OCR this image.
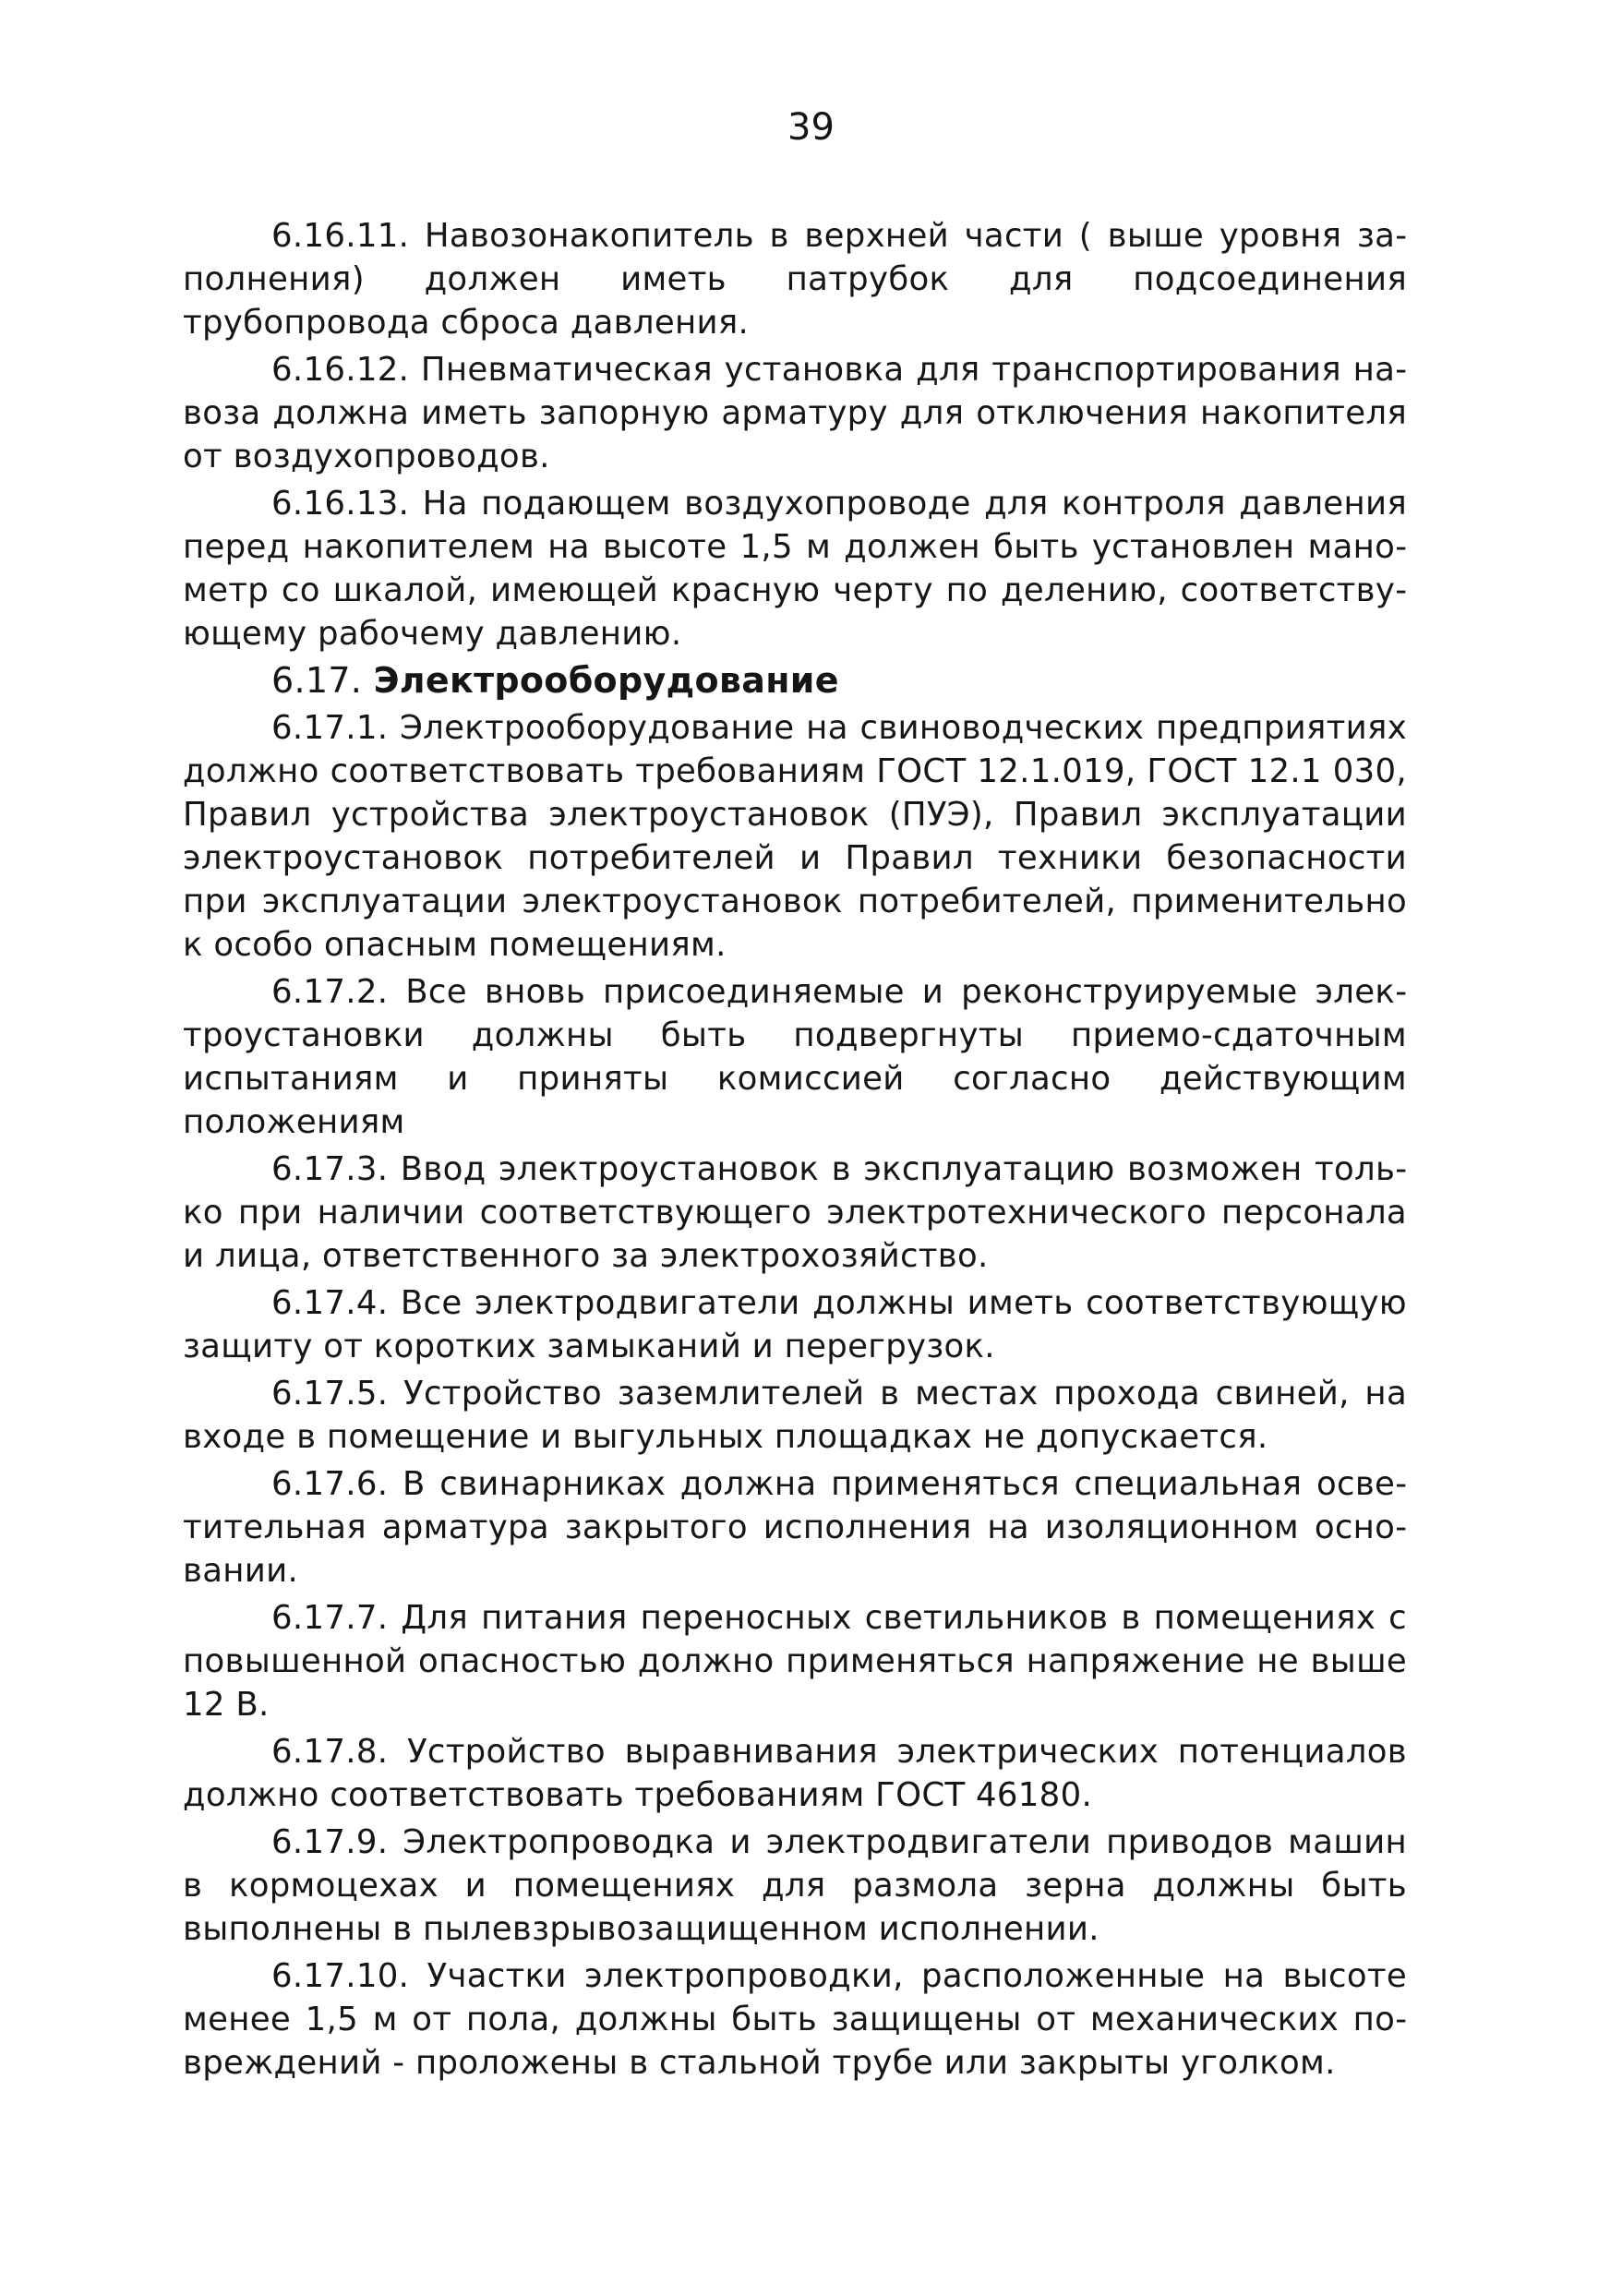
39

6.16.11. Навозонакопитель в верхней части ( выше уровня заполнения) должен иметь патрубок для подсоединения трубопровода сброса давления.

6.16.12. Пневматическая установка для транспортирования навоза должна иметь запорную арматуру для отключения накопителя от воздухопроводов.

6.16.13. На подающем воздухопроводе для контроля давления перед накопителем на высоте 1,5 м должен быть установлен манометр со шкалой, имеющей красную черту по делению, соответствующему рабочему давлению.

6.17. Электрооборудование

6.17.1. Электрооборудование на свиноводческих предприятиях должно соответствовать требованиям ГОСТ 12.1.019, ГОСТ 12.1 030, Правил устройства электроустановок (ПУЭ), Правил эксплуатации электроустановок потребителей и Правил техники безопасности при эксплуатации электроустановок потребителей, применительно к особо опасным помещениям.

6.17.2. Все вновь присоединяемые и реконструируемые электроустановки должны быть подвергнуты приемо-сдаточным испытаниям и приняты комиссией согласно действующим положениям

6.17.3. Ввод электроустановок в эксплуатацию возможен только при наличии соответствующего электротехнического персонала и лица, ответственного за электрохозяйство.

6.17.4. Все электродвигатели должны иметь соответствующую защиту от коротких замыканий и перегрузок.

6.17.5. Устройство заземлителей в местах прохода свиней, на входе в помещение и выгульных площадках не допускается.

6.17.6. В свинарниках должна применяться специальная осветительная арматура закрытого исполнения на изоляционном основании.

6.17.7. Для питания переносных светильников в помещениях с повышенной опасностью должно применяться напряжение не выше 12 В.

6.17.8. Устройство выравнивания электрических потенциалов должно соответствовать требованиям ГОСТ 46180.

6.17.9. Электропроводка и электродвигатели приводов машин в кормоцехах и помещениях для размола зерна должны быть выполнены в пылевзрывозащищенном исполнении.

6.17.10. Участки электропроводки, расположенные на высоте менее 1,5 м от пола, должны быть защищены от механических повреждений - проложены в стальной трубе или закрыты уголком.
